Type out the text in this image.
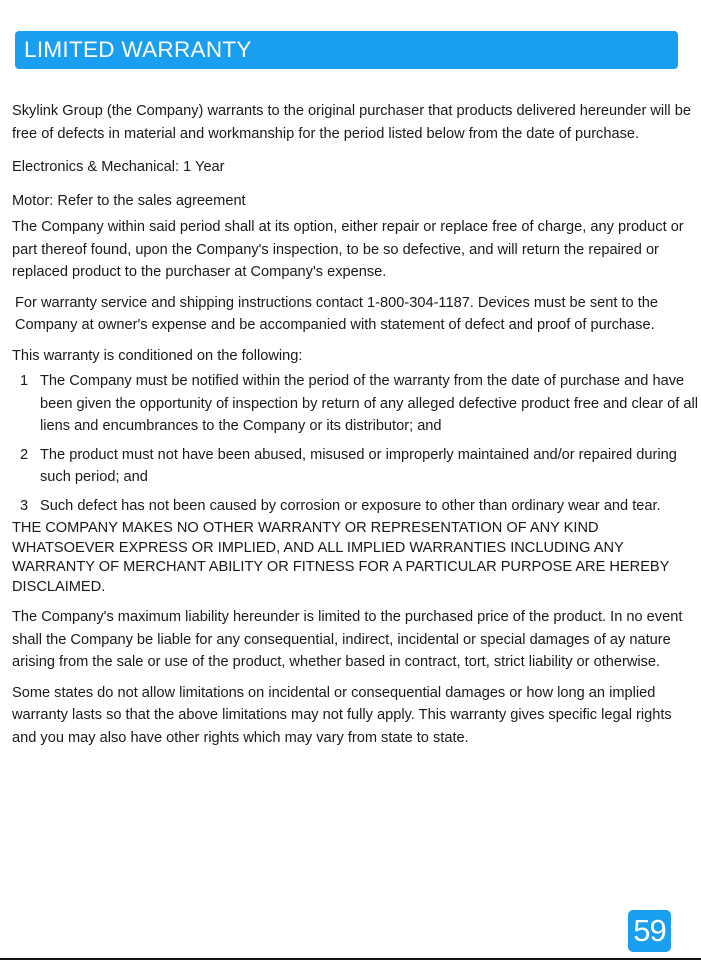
LIMITED WARRANTY

Skylink Group (the Company) warrants to the original purchaser that products delivered hereunder will be free of defects in material and workmanship for the period listed below from the date of purchase.

Electronics & Mechanical: 1 Year

Motor: Refer to the sales agreement

The Company within said period shall at its option, either repair or replace free of charge, any product or part thereof found, upon the Company's inspection, to be so defective, and will return the repaired or replaced product to the purchaser at Company's expense.

For warranty service and shipping instructions contact 1-800-304-1187. Devices must be sent to the Company at owner's expense and be accompanied with statement of defect and proof of purchase.

This warranty is conditioned on the following:

1 The Company must be notified within the period of the warranty from the date of purchase and have been given the opportunity of inspection by return of any alleged defective product free and clear of all liens and encumbrances to the Company or its distributor; and
2 The product must not have been abused, misused or improperly maintained and/or repaired during such period; and
3 Such defect has not been caused by corrosion or exposure to other than ordinary wear and tear.

THE COMPANY MAKES NO OTHER WARRANTY OR REPRESENTATION OF ANY KIND WHATSOEVER EXPRESS OR IMPLIED, AND ALL IMPLIED WARRANTIES INCLUDING ANY WARRANTY OF MERCHANT ABILITY OR FITNESS FOR A PARTICULAR PURPOSE ARE HEREBY DISCLAIMED.

The Company's maximum liability hereunder is limited to the purchased price of the product. In no event shall the Company be liable for any consequential, indirect, incidental or special damages of ay nature arising from the sale or use of the product, whether based in contract, tort, strict liability or otherwise.

Some states do not allow limitations on incidental or consequential damages or how long an implied warranty lasts so that the above limitations may not fully apply. This warranty gives specific legal rights and you may also have other rights which may vary from state to state.

59
